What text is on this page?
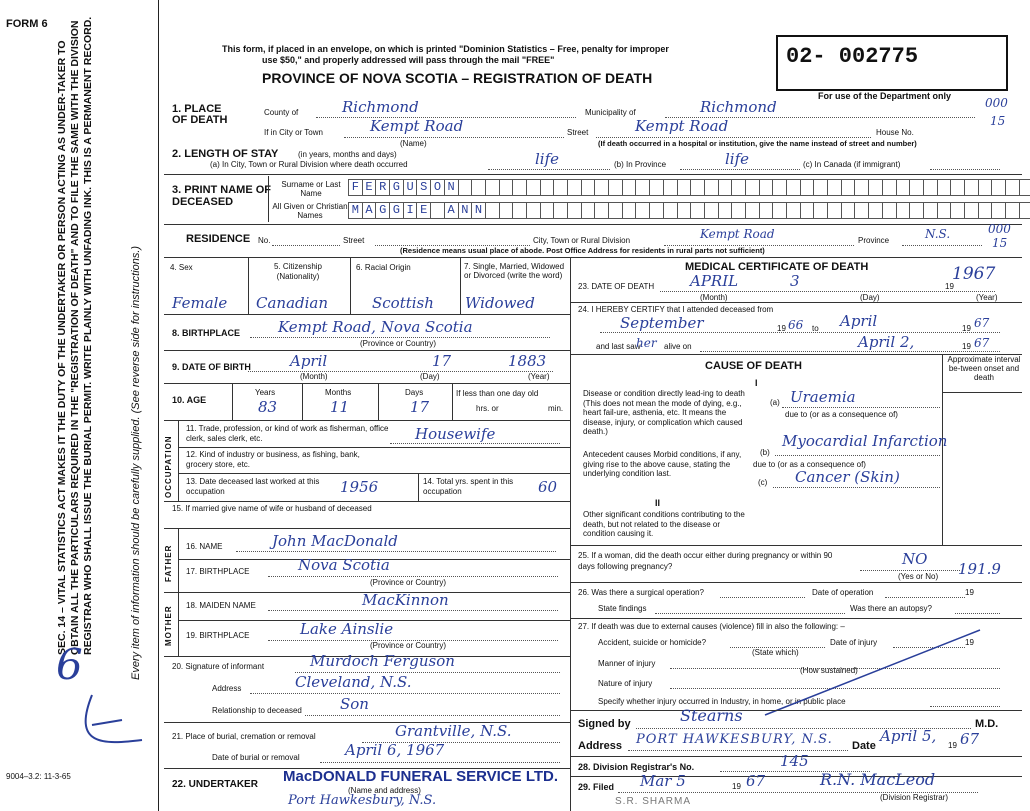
FORM 6
SEC. 14 – VITAL STATISTICS ACT MAKES IT THE DUTY OF THE UNDERTAKER OR PERSON ACTING AS UNDER-TAKER TO OBTAIN ALL THE PARTICULARS REQUIRED IN THE "REGISTRATION OF DEATH" AND TO FILE THE SAME WITH THE DIVISION REGISTRAR WHO SHALL ISSUE THE BURIAL PERMIT. WRITE PLAINLY WITH UNFADING INK. THIS IS A PERMANENT RECORD.	Every item of information should be carefully supplied. (See reverse side for instructions.)
6
This form, if placed in an envelope, on which is printed "Dominion Statistics – Free, penalty for improper
use $50," and properly addressed will pass through the mail "FREE"
PROVINCE OF NOVA SCOTIA – REGISTRATION OF DEATH
02- 002775
For use of the Department only
1. PLACE OF DEATH
County of	Richmond	Municipality of	Richmond	000
If in City or Town	Kempt Road
(Name)
Street	Kempt Road	House No.
15
(If death occurred in a hospital or institution, give the name instead of street and number)
2. LENGTH OF STAY (in years, months and days)
(a) In City, Town or Rural Division where death occurred	life	(b) In Province	life	(c) In Canada (if immigrant)
3. PRINT NAME OF DECEASED
Surname or Last Name
All Given or Christian Names
F E R G U S O N
M A G G I E	A N N
RESIDENCE No.	Street	City, Town or Rural Division	Kempt Road	Province	N.S.	000
15
(Residence means usual place of abode. Post Office Address for residents in rural parts not sufficient)
4. Sex	5. Citizenship (Nationality)
6. Racial Origin	7. Single, Married, Widowed or Divorced (write the word)
Female Canadian	Scottish Widowed
8. BIRTHPLACE	Kempt Road, Nova Scotia
(Province or Country)
9. DATE OF BIRTH	April	17	1883
(Month)	(Day)	(Year)
10. AGE
Years	Months	Days
83	11	17
If less than one day old
hrs. or	min.
OCCUPATION
11. Trade, profession, or kind of work as fisherman, office clerk, sales clerk, etc.	Housewife
12. Kind of industry or business, as fishing, bank, grocery store, etc.
13. Date deceased last worked at this occupation	1956	14. Total yrs. spent in this occupation	60
15. If married give name of wife or husband of deceased
FATHER 16. NAME	John MacDonald
17. BIRTHPLACE	Nova Scotia
(Province or Country)
MOTHER 18. MAIDEN NAME	MacKinnon
19. BIRTHPLACE	Lake Ainslie
(Province or Country)
20. Signature of informant	Murdoch Ferguson
Address	Cleveland, N.S.
Relationship to deceased	Son
21. Place of burial, cremation or removal	Grantville, N.S.
Date of burial or removal	April 6, 1967
22. UNDERTAKER MacDONALD FUNERAL SERVICE LTD.
(Name and address)
Port Hawkesbury, N.S.
9004–3.2: 11-3-65
MEDICAL CERTIFICATE OF DEATH
23. DATE OF DEATH APRIL	3	19
1967
(Month)	(Day)	(Year)
24. I HEREBY CERTIFY that I attended deceased from
September	19 66 to April	19 67
and last saw
her alive on	April 2,	19 67
CAUSE OF DEATH
Approximate interval be-tween onset and death
I
Disease or condition directly lead-ing to death (This does not mean the mode of dying, e.g., heart fail-ure, asthenia, etc. It means the disease, injury, or complication which caused death.)
(a) Uraemia
due to (or as a consequence of)
(b)
Myocardial Infarction
due to (or as a consequence of)
(c) Cancer (Skin)
Antecedent causes Morbid conditions, if any, giving rise to the above cause, stating the underlying condition last.
II
Other significant conditions contributing to the death, but not related to the disease or condition causing it.
25. If a woman, did the death occur either during pregnancy or within 90 days following pregnancy?	NO
(Yes or No) 191.9
26. Was there a surgical operation?	Date of operation	19
State findings	Was there an autopsy?
27. If death was due to external causes (violence) fill in also the following: –
Accident, suicide or homicide?	Date of injury	19
(State which)
Manner of injury
(How sustained)
Nature of injury
Specify whether injury occurred in Industry, in home, or in public place
Signed by	Stearns	M.D.
Address PORT HAWKESBURY, N.S. Date
April 5,
19 67
28. Division Registrar's No.	145
29. Filed Mar 5	19 67	R.N. MacLeod
(Division Registrar)
S.R. SHARMA
